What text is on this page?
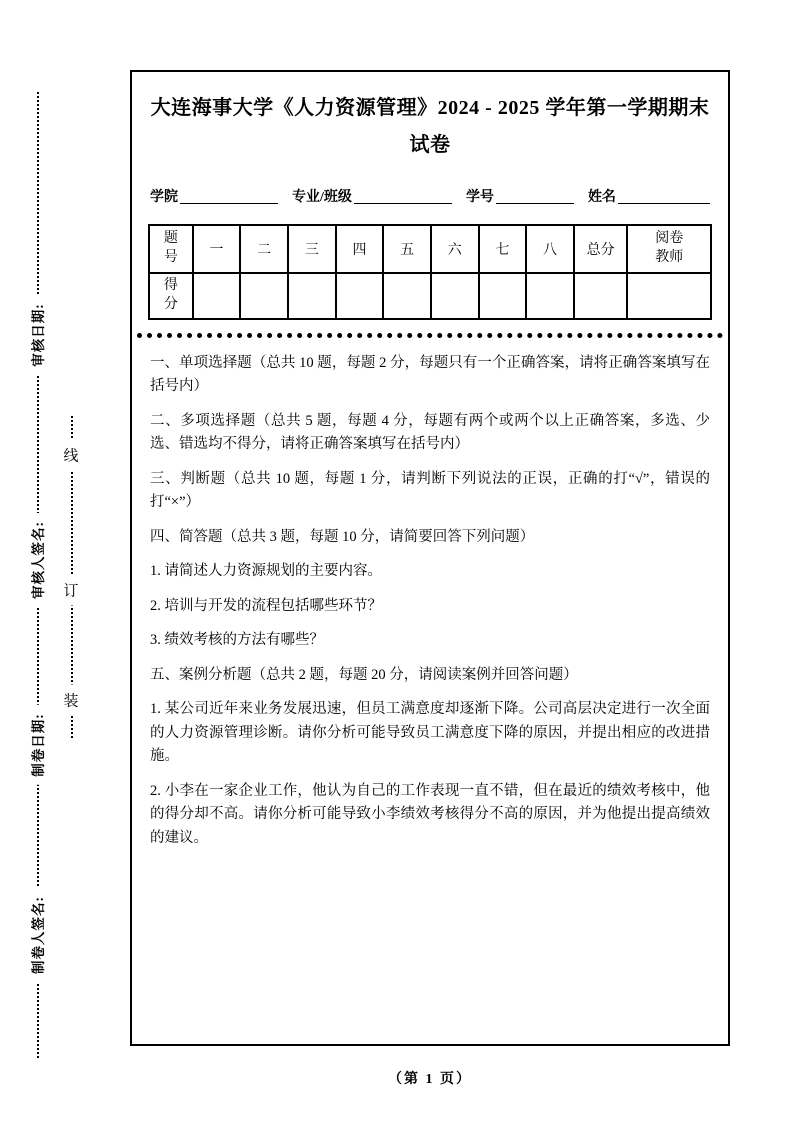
审核日期:
审核人签名:
制卷日期:
制卷人签名:
线
订
装
大连海事大学《人力资源管理》2024 - 2025 学年第一学期期末试卷
学院	专业/班级	学号	姓名
题号	一	二	三	四	五	六	七	八	总分	阅卷教师

得分										

一、单项选择题（总共 10 题，每题 2 分，每题只有一个正确答案，请将正确答案填写在括号内）

二、多项选择题（总共 5 题，每题 4 分，每题有两个或两个以上正确答案，多选、少选、错选均不得分，请将正确答案填写在括号内）

三、判断题（总共 10 题，每题 1 分，请判断下列说法的正误，正确的打“√”，错误的打“×”）

四、简答题（总共 3 题，每题 10 分，请简要回答下列问题）

1. 请简述人力资源规划的主要内容。

2. 培训与开发的流程包括哪些环节？

3. 绩效考核的方法有哪些？

五、案例分析题（总共 2 题，每题 20 分，请阅读案例并回答问题）

1. 某公司近年来业务发展迅速，但员工满意度却逐渐下降。公司高层决定进行一次全面的人力资源管理诊断。请你分析可能导致员工满意度下降的原因，并提出相应的改进措施。

2. 小李在一家企业工作，他认为自己的工作表现一直不错，但在最近的绩效考核中，他的得分却不高。请你分析可能导致小李绩效考核得分不高的原因，并为他提出提高绩效的建议。

（第 1 页）
